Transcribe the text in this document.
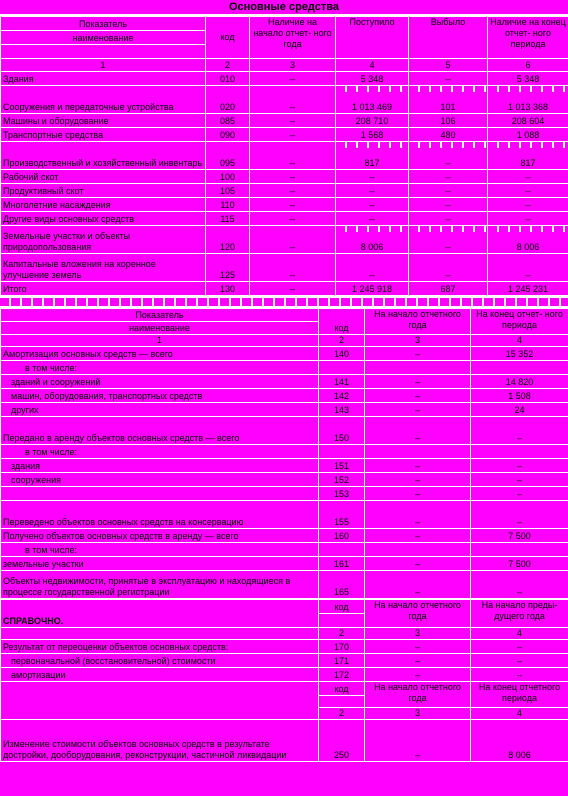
Основные средства
Показатель	код	Наличие на начало отчет- ного года	Поступило	Выбыло	Наличие на конец отчет- ного периода
наименование					

1	2	3	4	5	6
Здания	010	–	5 348	–	5 348
Сооружения и передаточные устройства	020	–	1 013 469	101	1 013 368
Машины и оборудование	085	–	208 710	106	208 604
Транспортные средства	090	–	1 568	480	1 088
Производственный и хозяйственный инвентарь	095	–	817	–	817
Рабочий скот	100	–	–	–	–
Продуктивный скот	105	–	–	–	–
Многолетние насаждения	110	–	–	–	–
Другие виды основных средств	115	–	–	–	–
Земельные участки и объекты природопользования	120	–	8 006	–	8 006
Капитальные вложения на коренное улучшение земель	125	–	–	–	–
Итого	130	–	1 245 918	687	1 245 231
Показатель	код	На начало отчетного года	На конец отчет- ного периода
наименование			
1	2	3	4
Амортизация основных средств — всего	140	–	15 352
в том числе:			
зданий и сооружений	141	–	14 820
машин, оборудования, транспортных средств	142	–	1 508
других	143	–	24
Передано в аренду объектов основных средств — всего	150	–	–
в том числе:			
здания	151	–	–
сооружения	152	–	–
	153	–	–
Переведено объектов основных средств на консервацию	155	–	–
Получено объектов основных средств в аренду — всего	160	–	7 500
в том числе:			
земельные участки	161	–	7 500
Объекты недвижимости, принятые в эксплуатацию и находящиеся в процессе государственной регистрации	165	–	–
СПРАВОЧНО.	код	На начало отчетного года	На начало преды- дущего года

	2	3	4
Результат от переоценки объектов основных средств:	170	–	–
первоначальной (восстановительной) стоимости	171	–	–
амортизации	172	–	–
	код	На начало отчетного года	На конец отчетного периода

	2	3	4
Изменение стоимости объектов основных средств в результате достройки, дооборудования, реконструкции, частичной ликвидации	250	–	8 006
